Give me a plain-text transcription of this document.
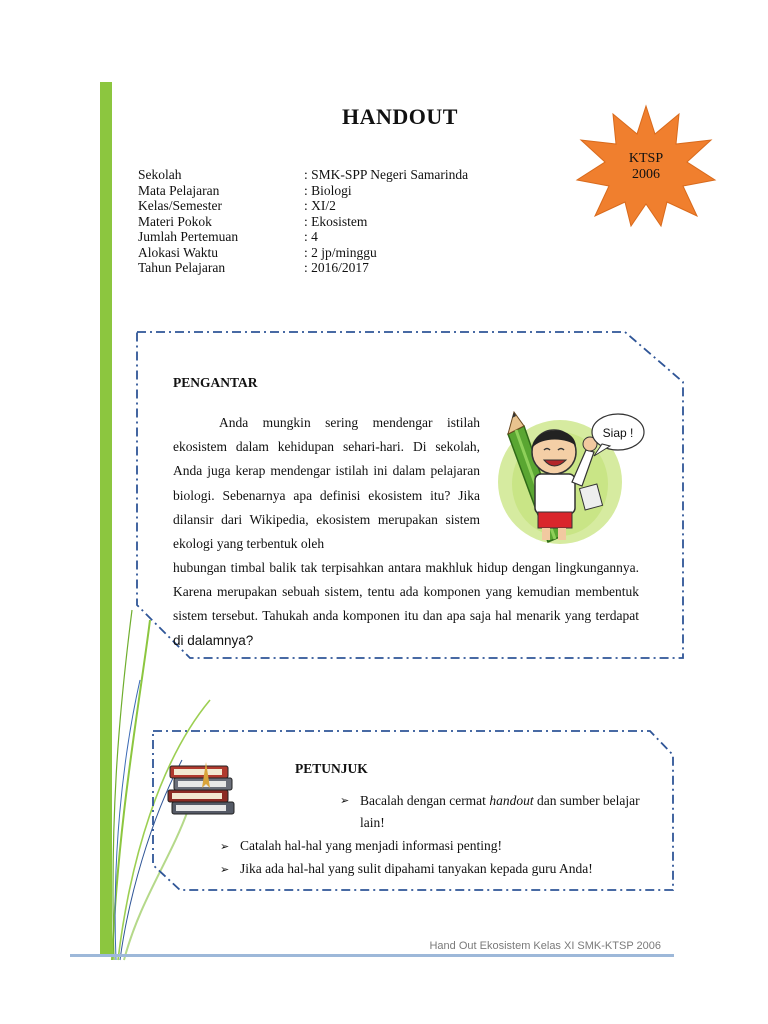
HANDOUT
KTSP
2006
Sekolah	: SMK-SPP Negeri Samarinda
Mata Pelajaran	: Biologi
Kelas/Semester	: XI/2
Materi Pokok	: Ekosistem
Jumlah Pertemuan	: 4
Alokasi Waktu	: 2 jp/minggu
Tahun Pelajaran	: 2016/2017
PENGANTAR

Anda mungkin sering mendengar istilah ekosistem dalam kehidupan sehari-hari. Di sekolah, Anda juga kerap mendengar istilah ini dalam pelajaran biologi. Sebenarnya apa definisi ekosistem itu? Jika dilansir dari Wikipedia, ekosistem merupakan sistem ekologi yang terbentuk oleh

hubungan timbal balik tak terpisahkan antara makhluk hidup dengan lingkungannya. Karena merupakan sebuah sistem, tentu ada komponen yang kemudian membentuk sistem tersebut. Tahukah anda komponen itu dan apa saja hal menarik yang terdapat di dalamnya?

Siap !
PETUNJUK
➢ Bacalah dengan cermat handout dan sumber belajar lain!
➢ Catalah hal-hal yang menjadi informasi penting!
➢ Jika ada hal-hal yang sulit dipahami tanyakan kepada guru Anda!
Hand Out Ekosistem Kelas XI SMK-KTSP 2006
